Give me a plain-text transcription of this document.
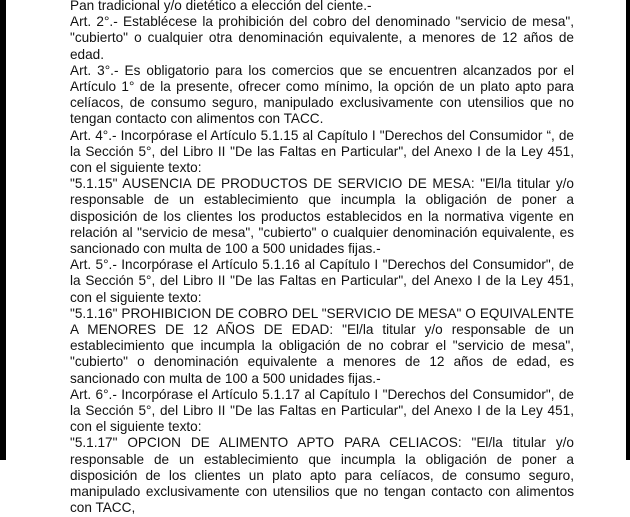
Pan tradicional y/o dietético a elección del ciente.-

Art. 2°.- Establécese la prohibición del cobro del denominado "servicio de mesa", "cubierto" o cualquier otra denominación equivalente, a menores de 12 años de edad.

Art. 3°.- Es obligatorio para los comercios que se encuentren alcanzados por el Artículo 1° de la presente, ofrecer como mínimo, la opción de un plato apto para celíacos, de consumo seguro, manipulado exclusivamente con utensilios que no tengan contacto con alimentos con TACC.

Art. 4°.- Incorpórase el Artículo 5.1.15 al Capítulo I "Derechos del Consumidor “, de la Sección 5°, del Libro II "De las Faltas en Particular", del Anexo I de la Ley 451, con el siguiente texto:

"5.1.15" AUSENCIA DE PRODUCTOS DE SERVICIO DE MESA: "El/la titular y/o responsable de un establecimiento que incumpla la obligación de poner a disposición de los clientes los productos establecidos en la normativa vigente en relación al "servicio de mesa", "cubierto" o cualquier denominación equivalente, es sancionado con multa de 100 a 500 unidades fijas.-

Art. 5°.- Incorpórase el Artículo 5.1.16 al Capítulo I "Derechos del Consumidor", de la Sección 5°, del Libro II "De las Faltas en Particular", del Anexo I de la Ley 451, con el siguiente texto:

"5.1.16" PROHIBICION DE COBRO DEL "SERVICIO DE MESA" O EQUIVALENTE A MENORES DE 12 AÑOS DE EDAD: "El/la titular y/o responsable de un establecimiento que incumpla la obligación de no cobrar el "servicio de mesa", "cubierto" o denominación equivalente a menores de 12 años de edad, es sancionado con multa de 100 a 500 unidades fijas.-

Art. 6°.- Incorpórase el Artículo 5.1.17 al Capítulo I "Derechos del Consumidor", de la Sección 5°, del Libro II "De las Faltas en Particular", del Anexo I de la Ley 451, con el siguiente texto:

"5.1.17" OPCION DE ALIMENTO APTO PARA CELIACOS: "El/la titular y/o responsable de un establecimiento que incumpla la obligación de poner a disposición de los clientes un plato apto para celíacos, de consumo seguro, manipulado exclusivamente con utensilios que no tengan contacto con alimentos con TACC,
